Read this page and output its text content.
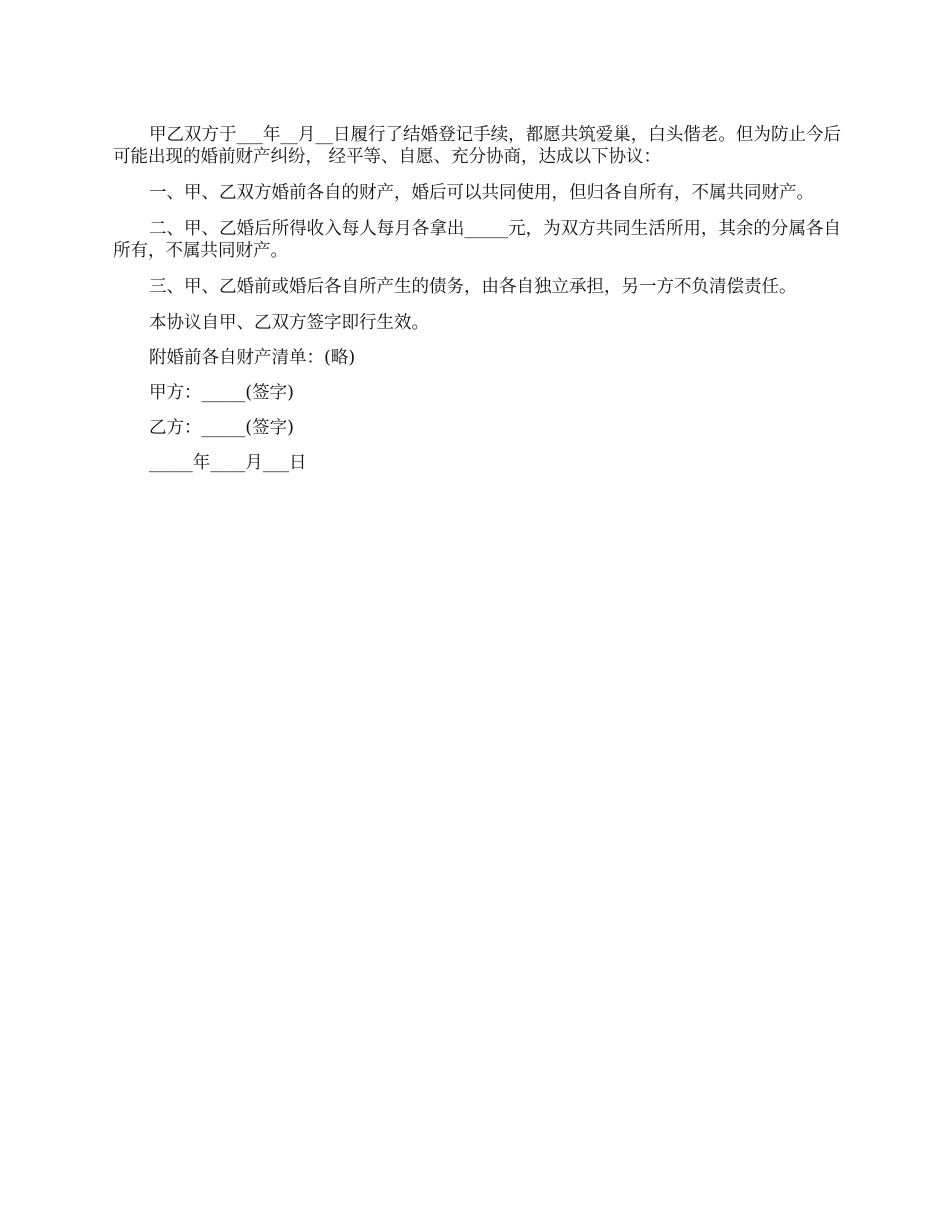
甲乙双方于___年__月__日履行了结婚登记手续，都愿共筑爱巢，白头偕老。但为防止今后可能出现的婚前财产纠纷， 经平等、自愿、充分协商，达成以下协议：

一、甲、乙双方婚前各自的财产，婚后可以共同使用，但归各自所有，不属共同财产。

二、甲、乙婚后所得收入每人每月各拿出_____元，为双方共同生活所用，其余的分属各自所有，不属共同财产。

三、甲、乙婚前或婚后各自所产生的债务，由各自独立承担，另一方不负清偿责任。

本协议自甲、乙双方签字即行生效。

附婚前各自财产清单：(略)

甲方：_____(签字)

乙方：_____(签字)

_____年____月___日
